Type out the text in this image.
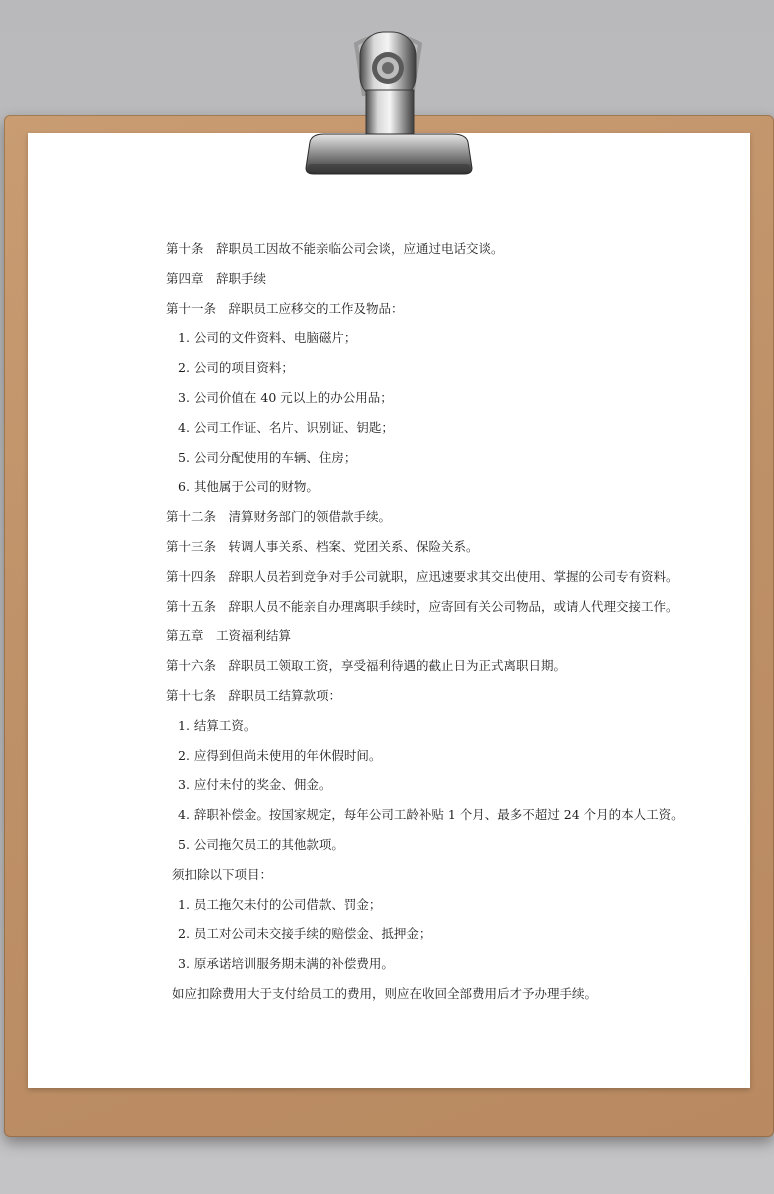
第十条　辞职员工因故不能亲临公司会谈，应通过电话交谈。
第四章　辞职手续
第十一条　辞职员工应移交的工作及物品：
1. 公司的文件资料、电脑磁片；
2. 公司的项目资料；
3. 公司价值在 40 元以上的办公用品；
4. 公司工作证、名片、识别证、钥匙；
5. 公司分配使用的车辆、住房；
6. 其他属于公司的财物。
第十二条　清算财务部门的领借款手续。
第十三条　转调人事关系、档案、党团关系、保险关系。
第十四条　辞职人员若到竞争对手公司就职，应迅速要求其交出使用、掌握的公司专有资料。
第十五条　辞职人员不能亲自办理离职手续时，应寄回有关公司物品，或请人代理交接工作。
第五章　工资福利结算
第十六条　辞职员工领取工资，享受福利待遇的截止日为正式离职日期。
第十七条　辞职员工结算款项：
1. 结算工资。
2. 应得到但尚未使用的年休假时间。
3. 应付未付的奖金、佣金。
4. 辞职补偿金。按国家规定，每年公司工龄补贴 1 个月、最多不超过 24 个月的本人工资。
5. 公司拖欠员工的其他款项。
须扣除以下项目：
1. 员工拖欠未付的公司借款、罚金；
2. 员工对公司未交接手续的赔偿金、抵押金；
3. 原承诺培训服务期未满的补偿费用。
如应扣除费用大于支付给员工的费用，则应在收回全部费用后才予办理手续。
